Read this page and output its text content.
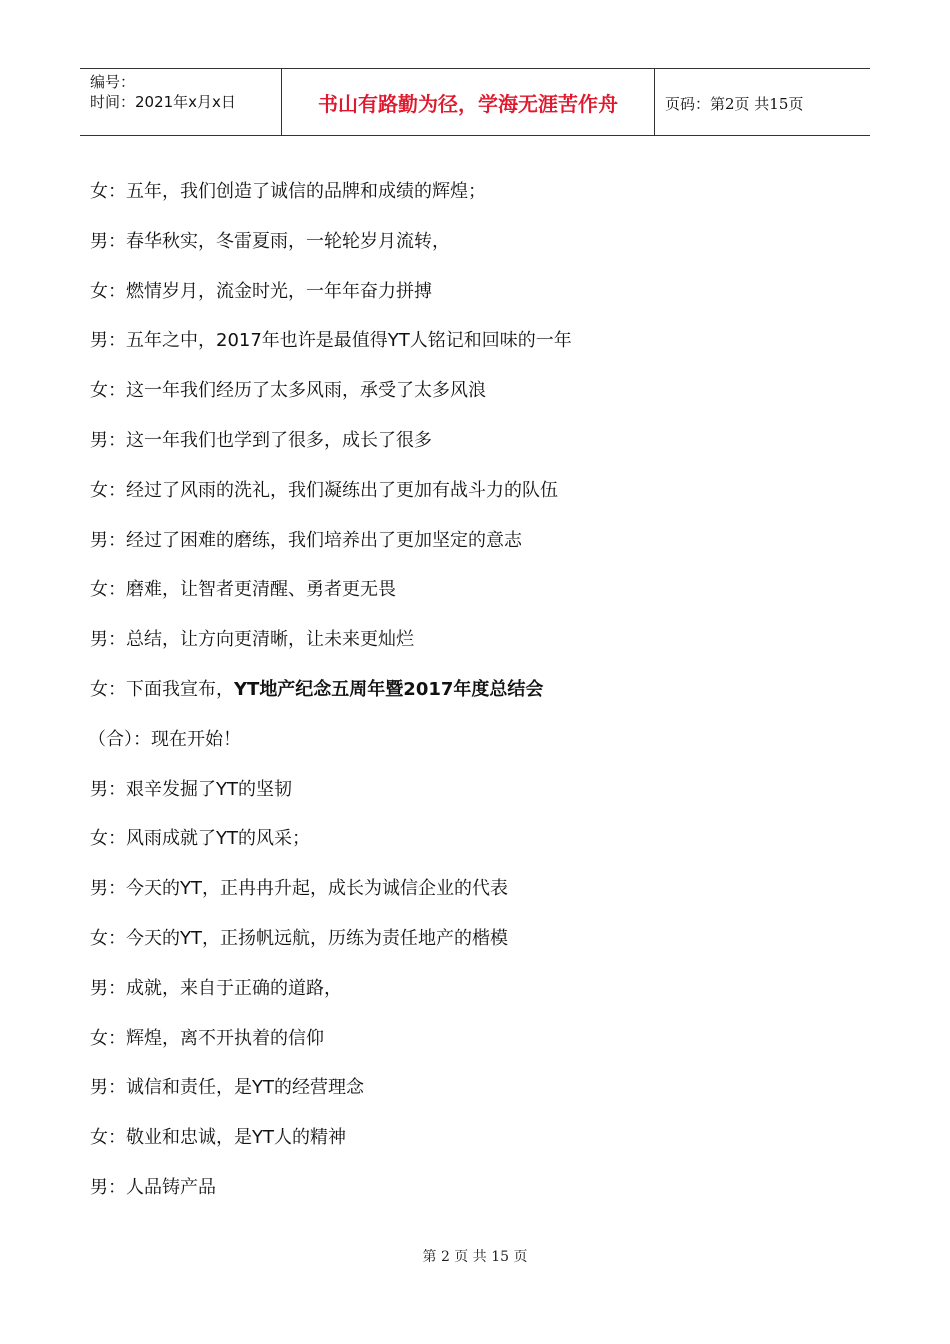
编号：
时间：2021年x月x日	书山有路勤为径，学海无涯苦作舟	页码：第2页 共15页
女：五年，我们创造了诚信的品牌和成绩的辉煌；
男：春华秋实，冬雷夏雨，一轮轮岁月流转，
女：燃情岁月，流金时光，一年年奋力拼搏
男：五年之中，2017年也许是最值得YT人铭记和回味的一年
女：这一年我们经历了太多风雨，承受了太多风浪
男：这一年我们也学到了很多，成长了很多
女：经过了风雨的洗礼，我们凝练出了更加有战斗力的队伍
男：经过了困难的磨练，我们培养出了更加坚定的意志
女：磨难，让智者更清醒、勇者更无畏
男：总结，让方向更清晰，让未来更灿烂
女：下面我宣布，YT地产纪念五周年暨2017年度总结会
（合）：现在开始！
男：艰辛发掘了YT的坚韧
女：风雨成就了YT的风采；
男：今天的YT，正冉冉升起，成长为诚信企业的代表
女：今天的YT，正扬帆远航，历练为责任地产的楷模
男：成就，来自于正确的道路，
女：辉煌，离不开执着的信仰
男：诚信和责任，是YT的经营理念
女：敬业和忠诚，是YT人的精神
男：人品铸产品
第 2 页 共 15 页
